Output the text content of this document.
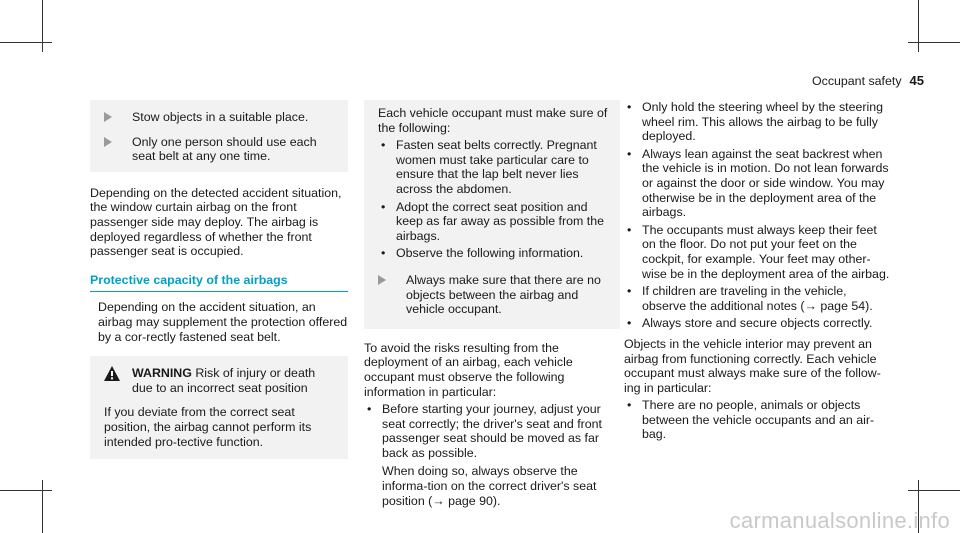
Occupant safety 45
Stow objects in a suitable place.
Only one person should use each seat belt at any one time.

Depending on the detected accident situation, the window curtain airbag on the front passenger side may deploy. The airbag is deployed regardless of whether the front passenger seat is occupied.

Protective capacity of the airbags

Depending on the accident situation, an airbag may supplement the protection offered by a cor-rectly fastened seat belt.

WARNING Risk of injury or death due to an incorrect seat position

If you deviate from the correct seat position, the airbag cannot perform its intended pro-tective function.

Each vehicle occupant must make sure of the following:

• Fasten seat belts correctly. Pregnant women must take particular care to ensure that the lap belt never lies across the abdomen.
• Adopt the correct seat position and keep as far away as possible from the airbags.
• Observe the following information.
Always make sure that there are no objects between the airbag and vehicle occupant.

To avoid the risks resulting from the deployment of an airbag, each vehicle occupant must observe the following information in particular:

• Before starting your journey, adjust your seat correctly; the driver's seat and front passenger seat should be moved as far back as possible.

When doing so, always observe the informa-tion on the correct driver's seat position (→ page 90).

• Only hold the steering wheel by the steering wheel rim. This allows the airbag to be fully deployed.
• Always lean against the seat backrest when the vehicle is in motion. Do not lean forwards or against the door or side window. You may otherwise be in the deployment area of the airbags.
• The occupants must always keep their feet on the floor. Do not put your feet on the cockpit, for example. Your feet may other-wise be in the deployment area of the airbag.
• If children are traveling in the vehicle, observe the additional notes (→ page 54).
• Always store and secure objects correctly.

Objects in the vehicle interior may prevent an airbag from functioning correctly. Each vehicle occupant must always make sure of the follow-ing in particular:

• There are no people, animals or objects between the vehicle occupants and an air-bag.
carmanualsonline.info
